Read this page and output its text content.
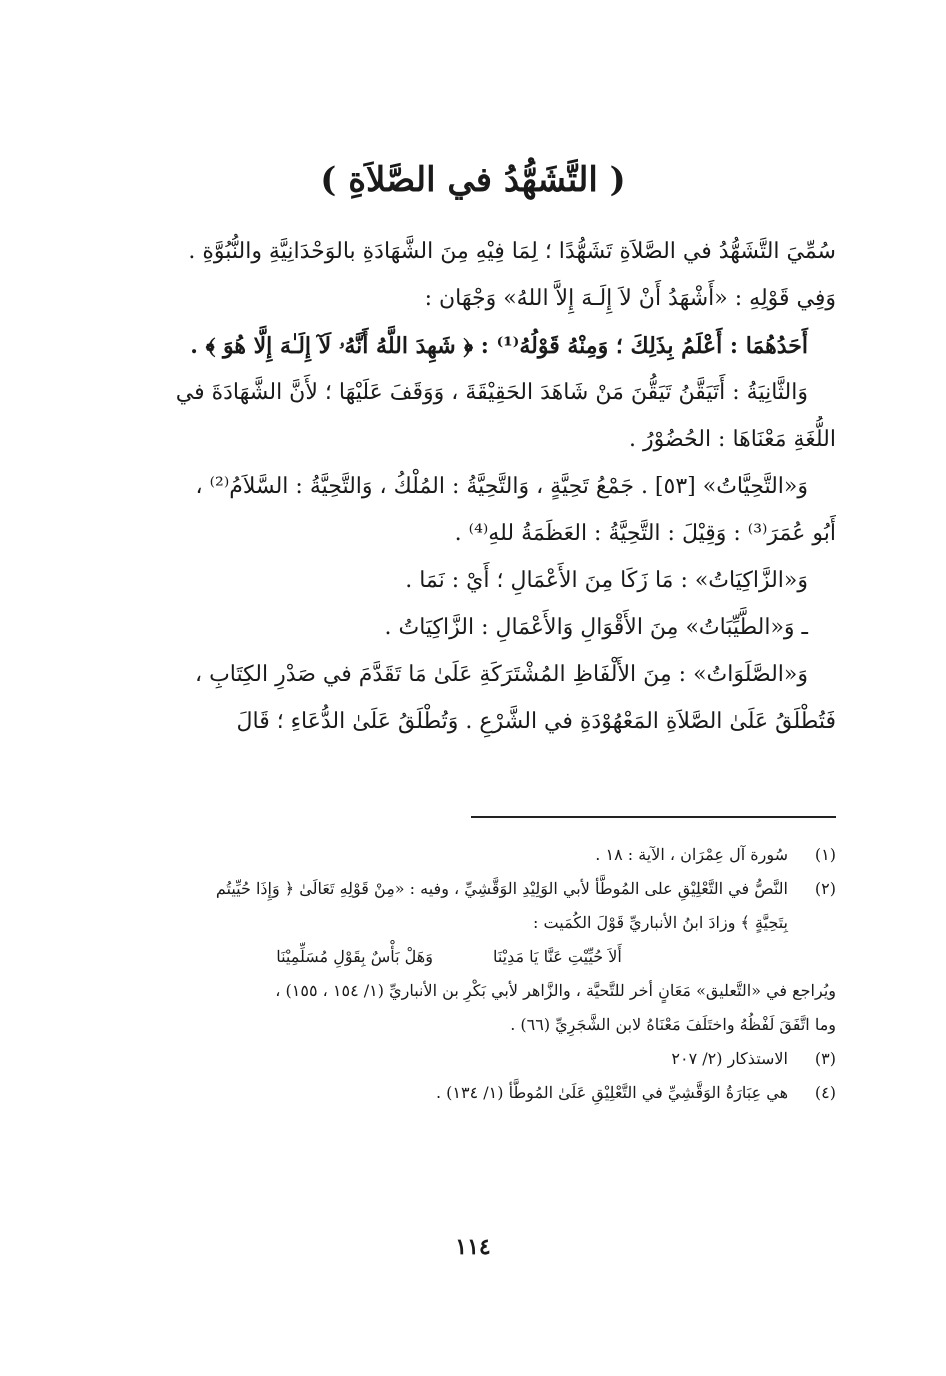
( التَّشَهُّدُ في الصَّلاَةِ )
سُمِّيَ التَّشَهُّدُ في الصَّلاَةِ تَشَهُّدًا ؛ لِمَا فِيْهِ مِنَ الشَّهَادَةِ بالوَحْدَانِيَّةِ والنُّبُوَّةِ .
وَفِي قَوْلِهِ : «أَشْهَدُ أَنْ لاَ إِلَـهَ إِلاَّ اللهُ» وَجْهَان :
أَحَدُهُمَا : أَعْلَمُ بِذَلِكَ ؛ وَمِنْهُ قَوْلُهُ⁽¹⁾ : ﴿ شَهِدَ اللَّهُ أَنَّهُۥ لَآ إِلَـٰهَ إِلَّا هُوَ ﴾ .
وَالثَّانِيَةُ : أَتَيَقَّنُ تَيَقُّنَ مَنْ شَاهَدَ الحَقِيْقَةَ ، وَوَقَفَ عَلَيْهَا ؛ لأَنَّ الشَّهَادَةَ في
اللُّغَةِ مَعْنَاهَا : الحُضُوْرُ .
وَ«التَّحِيَّاتُ» [٥٣] . جَمْعُ تَحِيَّةٍ ، وَالتَّحِيَّةُ : المُلْكُ ، وَالتَّحِيَّةُ : السَّلاَمُ⁽²⁾ ،
أَبُو عُمَرَ⁽³⁾ : وَقِيْلَ : التَّحِيَّةُ : العَظَمَةُ للهِ⁽⁴⁾ .
وَ«الزَّاكِيَاتُ» : مَا زَكَا مِنَ الأَعْمَالِ ؛ أَيْ : نَمَا .
ـ وَ«الطَّيِّبَاتُ» مِنَ الأَقْوَالِ وَالأَعْمَالِ : الزَّاكِيَاتُ .
وَ«الصَّلَوَاتُ» : مِنَ الأَلْفَاظِ المُشْتَرَكَةِ عَلَىٰ مَا تَقَدَّمَ في صَدْرِ الكِتَابِ ،
فَتُطْلَقُ عَلَىٰ الصَّلاَةِ المَعْهُوْدَةِ في الشَّرْعِ . وَتُطْلَقُ عَلَىٰ الدُّعَاءِ ؛ قَالَ
(١)
سُورة آل عِمْرَان ، الآية : ١٨ .
(٢)
النَّصُّ في التَّعْلِيْقِ على المُوطَّأ لأبي الوَلِيْدِ الوَقَّشِيِّ ، وفيه : «مِنْ قَوْلِهِ تَعَالَىٰ ﴿ وَإِذَا حُيِّيتُم
بِتَحِيَّةٍ ﴾ وزادَ ابنُ الأنباريِّ قَوْلَ الكُمَيت :
أَلاَ حُيِّيْتِ عَنَّا يَا مَدِيْنَا
وَهَلْ بَأْسٌ بِقَوْلِ مُسَلِّمِيْنَا
ويُراجع في «التَّعليق» مَعَانٍ أخر للتَّحيَّة ، والزَّاهر لأبي بَكْرِ بن الأنباريِّ (١/ ١٥٤ ، ١٥٥) ،
وما اتَّفَقَ لَفْظُهُ واختَلَفَ مَعْنَاهُ لابن الشَّجَرِيِّ (٦٦) .
(٣)
الاستذكار (٢/ ٢٠٧
(٤)
هي عِبَارَةُ الوَقَّشِيِّ في التَّعْلِيْقِ عَلَىٰ المُوطَّأ (١/ ١٣٤) .
١١٤
